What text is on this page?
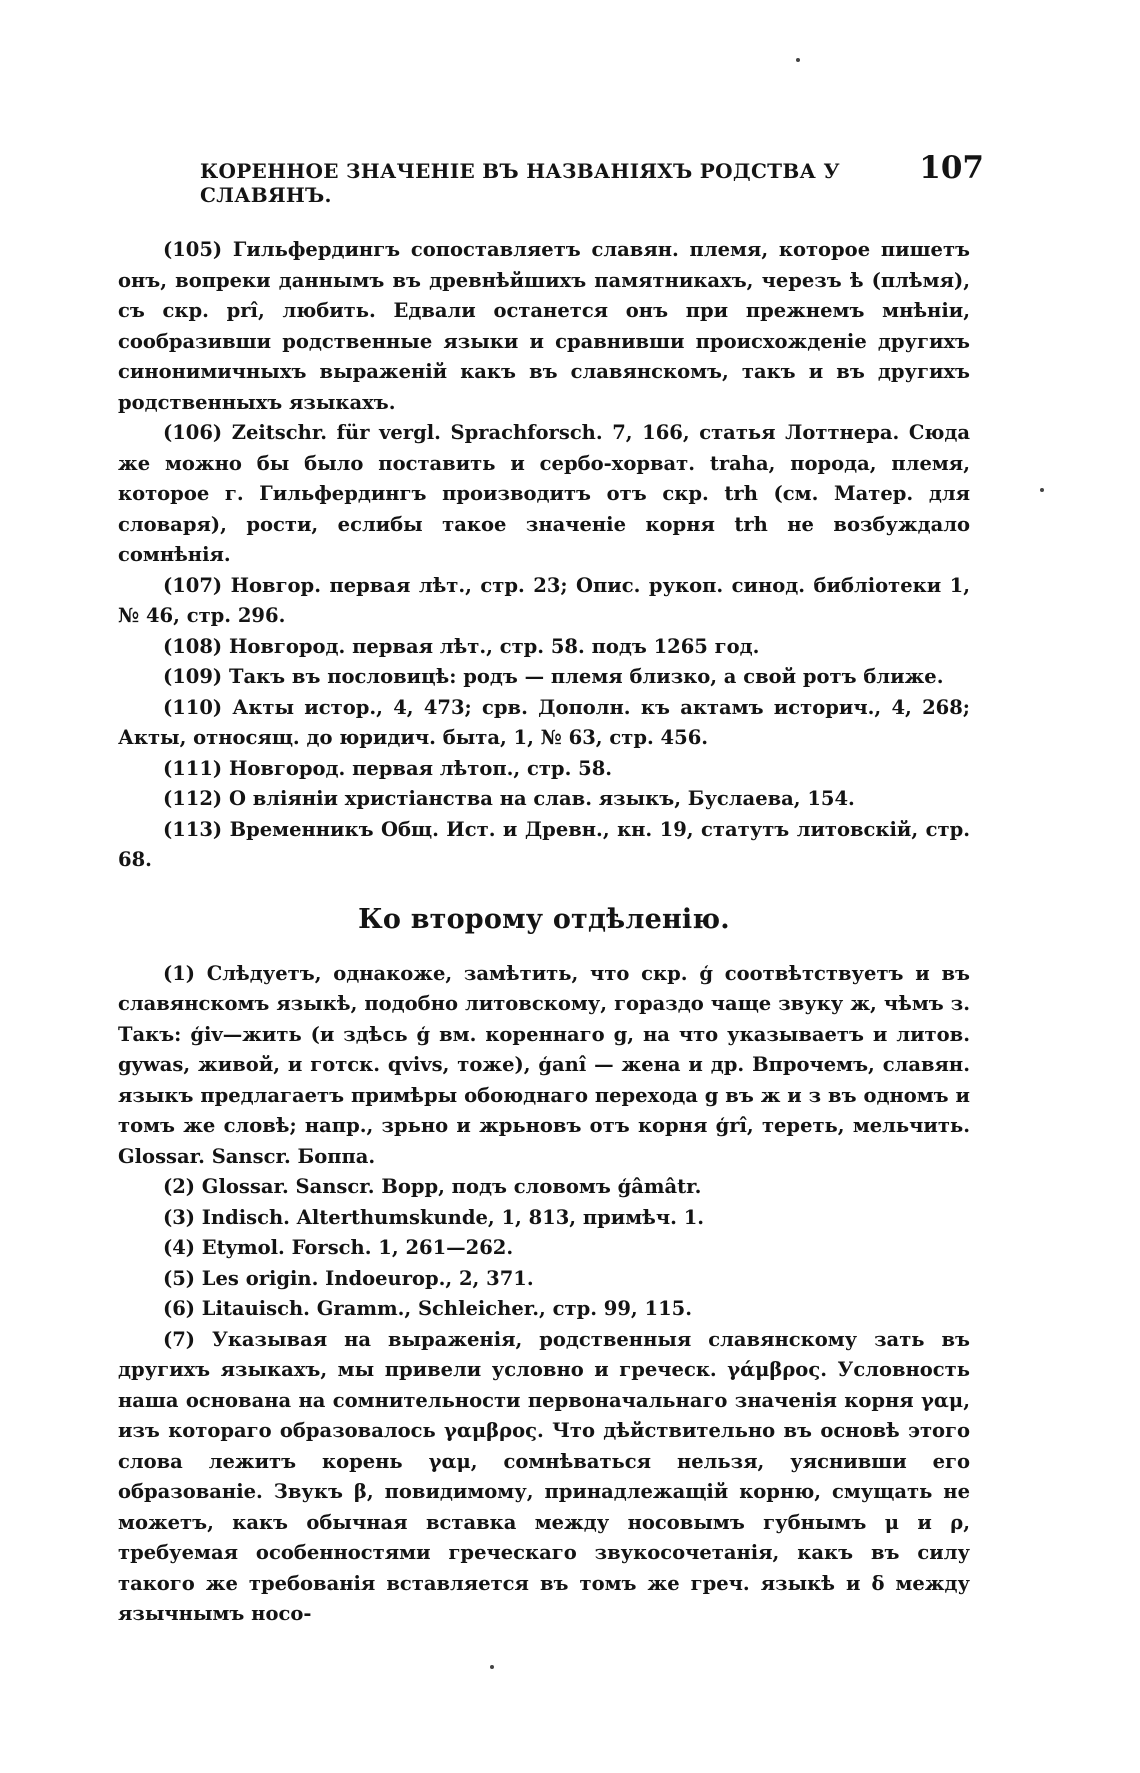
КОРЕННОЕ ЗНАЧЕНІЕ ВЪ НАЗВАНІЯХЪ РОДСТВА У СЛАВЯНЪ.
107

(105) Гильфердингъ сопоставляетъ славян. племя, которое пишетъ онъ, вопреки даннымъ въ древнѣйшихъ памятникахъ, черезъ ѣ (плѣмя), съ скр. prî, любить. Едвали останется онъ при прежнемъ мнѣніи, сообразивши родственные языки и сравнивши происхожденіе другихъ синонимичныхъ выраженій какъ въ славянскомъ, такъ и въ другихъ родственныхъ языкахъ.

(106) Zeitschr. für vergl. Sprachforsch. 7, 166, статья Лоттнера. Сюда же можно бы было поставить и сербо-хорват. traha, порода, племя, которое г. Гильфердингъ производитъ отъ скр. trh (см. Матер. для словаря), рости, еслибы такое значеніе корня trh не возбуждало сомнѣнія.

(107) Новгор. первая лѣт., стр. 23; Опис. рукоп. синод. библіотеки 1, № 46, стр. 296.

(108) Новгород. первая лѣт., стр. 58. подъ 1265 год.

(109) Такъ въ пословицѣ: родъ — племя близко, а свой ротъ ближе.

(110) Акты истор., 4, 473; срв. Дополн. къ актамъ историч., 4, 268; Акты, относящ. до юридич. быта, 1, № 63, стр. 456.

(111) Новгород. первая лѣтоп., стр. 58.

(112) О вліяніи христіанства на слав. языкъ, Буслаева, 154.

(113) Временникъ Общ. Ист. и Древн., кн. 19, статутъ литовскій, стр. 68.

Ко второму отдѣленію.

(1) Слѣдуетъ, однакоже, замѣтить, что скр. ģ соотвѣтствуетъ и въ славянскомъ языкѣ, подобно литовскому, гораздо чаще звуку ж, чѣмъ з. Такъ: ģiv—жить (и здѣсь ģ вм. кореннаго g, на что указываетъ и литов. gywas, живой, и готск. qvivs, тоже), ģanî — жена и др. Впрочемъ, славян. языкъ предлагаетъ примѣры обоюднаго перехода g въ ж и з въ одномъ и томъ же словѣ; напр., зрьно и жрьновъ отъ корня ģrî, тереть, мельчить. Glossar. Sanscr. Боппа.

(2) Glossar. Sanscr. Bopp, подъ словомъ ģâmâtr.

(3) Indisch. Alterthumskunde, 1, 813, примѣч. 1.

(4) Etymol. Forsch. 1, 261—262.

(5) Les origin. Indoeurop., 2, 371.

(6) Litauisch. Gramm., Schleicher., стр. 99, 115.

(7) Указывая на выраженія, родственныя славянскому зать въ другихъ языкахъ, мы привели условно и греческ. γάμβρος. Условность наша основана на сомнительности первоначальнаго значенія корня γαμ, изъ котораго образовалось γαμβρος. Что дѣйствительно въ основѣ этого слова лежитъ корень γαμ, сомнѣваться нельзя, уяснивши его образованіе. Звукъ β, повидимому, принадлежащій корню, смущать не можетъ, какъ обычная вставка между носовымъ губнымъ μ и ρ, требуемая особенностями греческаго звукосочетанія, какъ въ силу такого же требованія вставляется въ томъ же греч. языкѣ и δ между язычнымъ носо-
